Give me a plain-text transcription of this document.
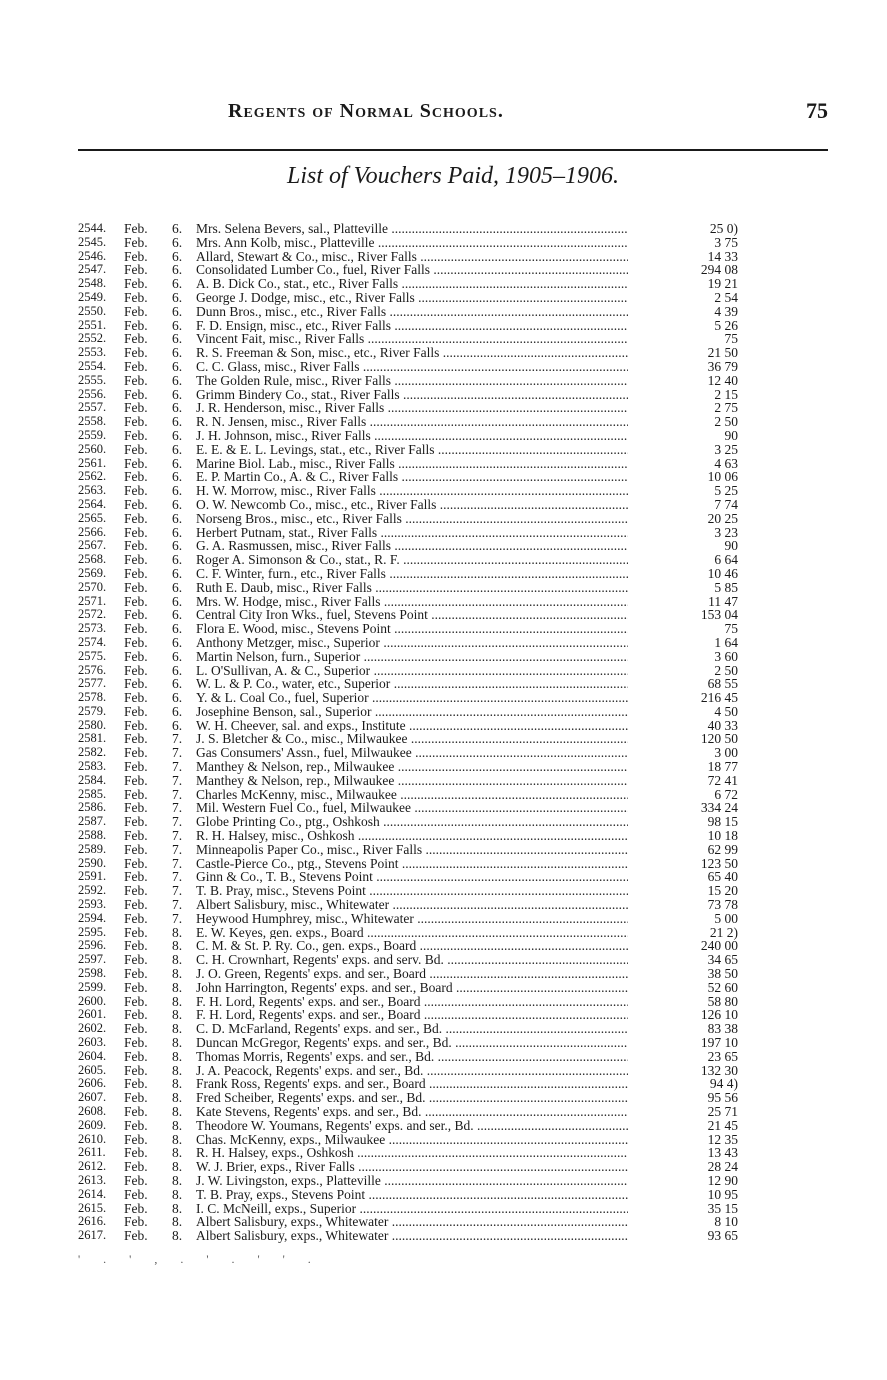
Regents of Normal Schools.	75
List of Vouchers Paid, 1905–1906.
2544.	Feb.	6.	Mrs. Selena Bevers, sal., Platteville .....	25 0)
2545.	Feb.	6.	Mrs. Ann Kolb, misc., Platteville .....	3 75
2546.	Feb.	6.	Allard, Stewart & Co., misc., River Falls .....	14 33
2547.	Feb.	6.	Consolidated Lumber Co., fuel, River Falls .....	294 08
2548.	Feb.	6.	A. B. Dick Co., stat., etc., River Falls .....	19 21
2549.	Feb.	6.	George J. Dodge, misc., etc., River Falls .....	2 54
2550.	Feb.	6.	Dunn Bros., misc., etc., River Falls .....	4 39
2551.	Feb.	6.	F. D. Ensign, misc., etc., River Falls .....	5 26
2552.	Feb.	6.	Vincent Fait, misc., River Falls .....	75
2553.	Feb.	6.	R. S. Freeman & Son, misc., etc., River Falls .....	21 50
2554.	Feb.	6.	C. C. Glass, misc., River Falls .....	36 79
2555.	Feb.	6.	The Golden Rule, misc., River Falls .....	12 40
2556.	Feb.	6.	Grimm Bindery Co., stat., River Falls .....	2 15
2557.	Feb.	6.	J. R. Henderson, misc., River Falls .....	2 75
2558.	Feb.	6.	R. N. Jensen, misc., River Falls .....	2 50
2559.	Feb.	6.	J. H. Johnson, misc., River Falls .....	90
2560.	Feb.	6.	E. E. & E. L. Levings, stat., etc., River Falls .....	3 25
2561.	Feb.	6.	Marine Biol. Lab., misc., River Falls .....	4 63
2562.	Feb.	6.	E. P. Martin Co., A. & C., River Falls .....	10 06
2563.	Feb.	6.	H. W. Morrow, misc., River Falls .....	5 25
2564.	Feb.	6.	O. W. Newcomb Co., misc., etc., River Falls .....	7 74
2565.	Feb.	6.	Norseng Bros., misc., etc., River Falls .....	20 25
2566.	Feb.	6.	Herbert Putnam, stat., River Falls .....	3 23
2567.	Feb.	6.	G. A. Rasmussen, misc., River Falls .....	90
2568.	Feb.	6.	Roger A. Simonson & Co., stat., R. F. .....	6 64
2569.	Feb.	6.	C. F. Winter, furn., etc., River Falls .....	10 46
2570.	Feb.	6.	Ruth E. Daub, misc., River Falls .....	5 85
2571.	Feb.	6.	Mrs. W. Hodge, misc., River Falls .....	11 47
2572.	Feb.	6.	Central City Iron Wks., fuel, Stevens Point .....	153 04
2573.	Feb.	6.	Flora E. Wood, misc., Stevens Point .....	75
2574.	Feb.	6.	Anthony Metzger, misc., Superior .....	1 64
2575.	Feb.	6.	Martin Nelson, furn., Superior .....	3 60
2576.	Feb.	6.	L. O'Sullivan, A. & C., Superior .....	2 50
2577.	Feb.	6.	W. L. & P. Co., water, etc., Superior .....	68 55
2578.	Feb.	6.	Y. & L. Coal Co., fuel, Superior .....	216 45
2579.	Feb.	6.	Josephine Benson, sal., Superior .....	4 50
2580.	Feb.	6.	W. H. Cheever, sal. and exps., Institute .....	40 33
2581.	Feb.	7.	J. S. Bletcher & Co., misc., Milwaukee .....	120 50
2582.	Feb.	7.	Gas Consumers' Assn., fuel, Milwaukee .....	3 00
2583.	Feb.	7.	Manthey & Nelson, rep., Milwaukee .....	18 77
2584.	Feb.	7.	Manthey & Nelson, rep., Milwaukee .....	72 41
2585.	Feb.	7.	Charles McKenny, misc., Milwaukee .....	6 72
2586.	Feb.	7.	Mil. Western Fuel Co., fuel, Milwaukee .....	334 24
2587.	Feb.	7.	Globe Printing Co., ptg., Oshkosh .....	98 15
2588.	Feb.	7.	R. H. Halsey, misc., Oshkosh .....	10 18
2589.	Feb.	7.	Minneapolis Paper Co., misc., River Falls .....	62 99
2590.	Feb.	7.	Castle-Pierce Co., ptg., Stevens Point .....	123 50
2591.	Feb.	7.	Ginn & Co., T. B., Stevens Point .....	65 40
2592.	Feb.	7.	T. B. Pray, misc., Stevens Point .....	15 20
2593.	Feb.	7.	Albert Salisbury, misc., Whitewater .....	73 78
2594.	Feb.	7.	Heywood Humphrey, misc., Whitewater .....	5 00
2595.	Feb.	8.	E. W. Keyes, gen. exps., Board .....	21 2)
2596.	Feb.	8.	C. M. & St. P. Ry. Co., gen. exps., Board .....	240 00
2597.	Feb.	8.	C. H. Crownhart, Regents' exps. and serv. Bd. .....	34 65
2598.	Feb.	8.	J. O. Green, Regents' exps. and ser., Board .....	38 50
2599.	Feb.	8.	John Harrington, Regents' exps. and ser., Board .....	52 60
2600.	Feb.	8.	F. H. Lord, Regents' exps. and ser., Board .....	58 80
2601.	Feb.	8.	F. H. Lord, Regents' exps. and ser., Board .....	126 10
2602.	Feb.	8.	C. D. McFarland, Regents' exps. and ser., Bd. .....	83 38
2603.	Feb.	8.	Duncan McGregor, Regents' exps. and ser., Bd. .....	197 10
2604.	Feb.	8.	Thomas Morris, Regents' exps. and ser., Bd. .....	23 65
2605.	Feb.	8.	J. A. Peacock, Regents' exps. and ser., Bd. .....	132 30
2606.	Feb.	8.	Frank Ross, Regents' exps. and ser., Board .....	94 4)
2607.	Feb.	8.	Fred Scheiber, Regents' exps. and ser., Bd. .....	95 56
2608.	Feb.	8.	Kate Stevens, Regents' exps. and ser., Bd. .....	25 71
2609.	Feb.	8.	Theodore W. Youmans, Regents' exps. and ser., Bd. .....	21 45
2610.	Feb.	8.	Chas. McKenny, exps., Milwaukee .....	12 35
2611.	Feb.	8.	R. H. Halsey, exps., Oshkosh .....	13 43
2612.	Feb.	8.	W. J. Brier, exps., River Falls .....	28 24
2613.	Feb.	8.	J. W. Livingston, exps., Platteville .....	12 90
2614.	Feb.	8.	T. B. Pray, exps., Stevens Point .....	10 95
2615.	Feb.	8.	I. C. McNeill, exps., Superior .....	35 15
2616.	Feb.	8.	Albert Salisbury, exps., Whitewater .....	8 10
2617.	Feb.	8.	Albert Salisbury, exps., Whitewater .....	93 65
' . ' , . ' . ' ' .
